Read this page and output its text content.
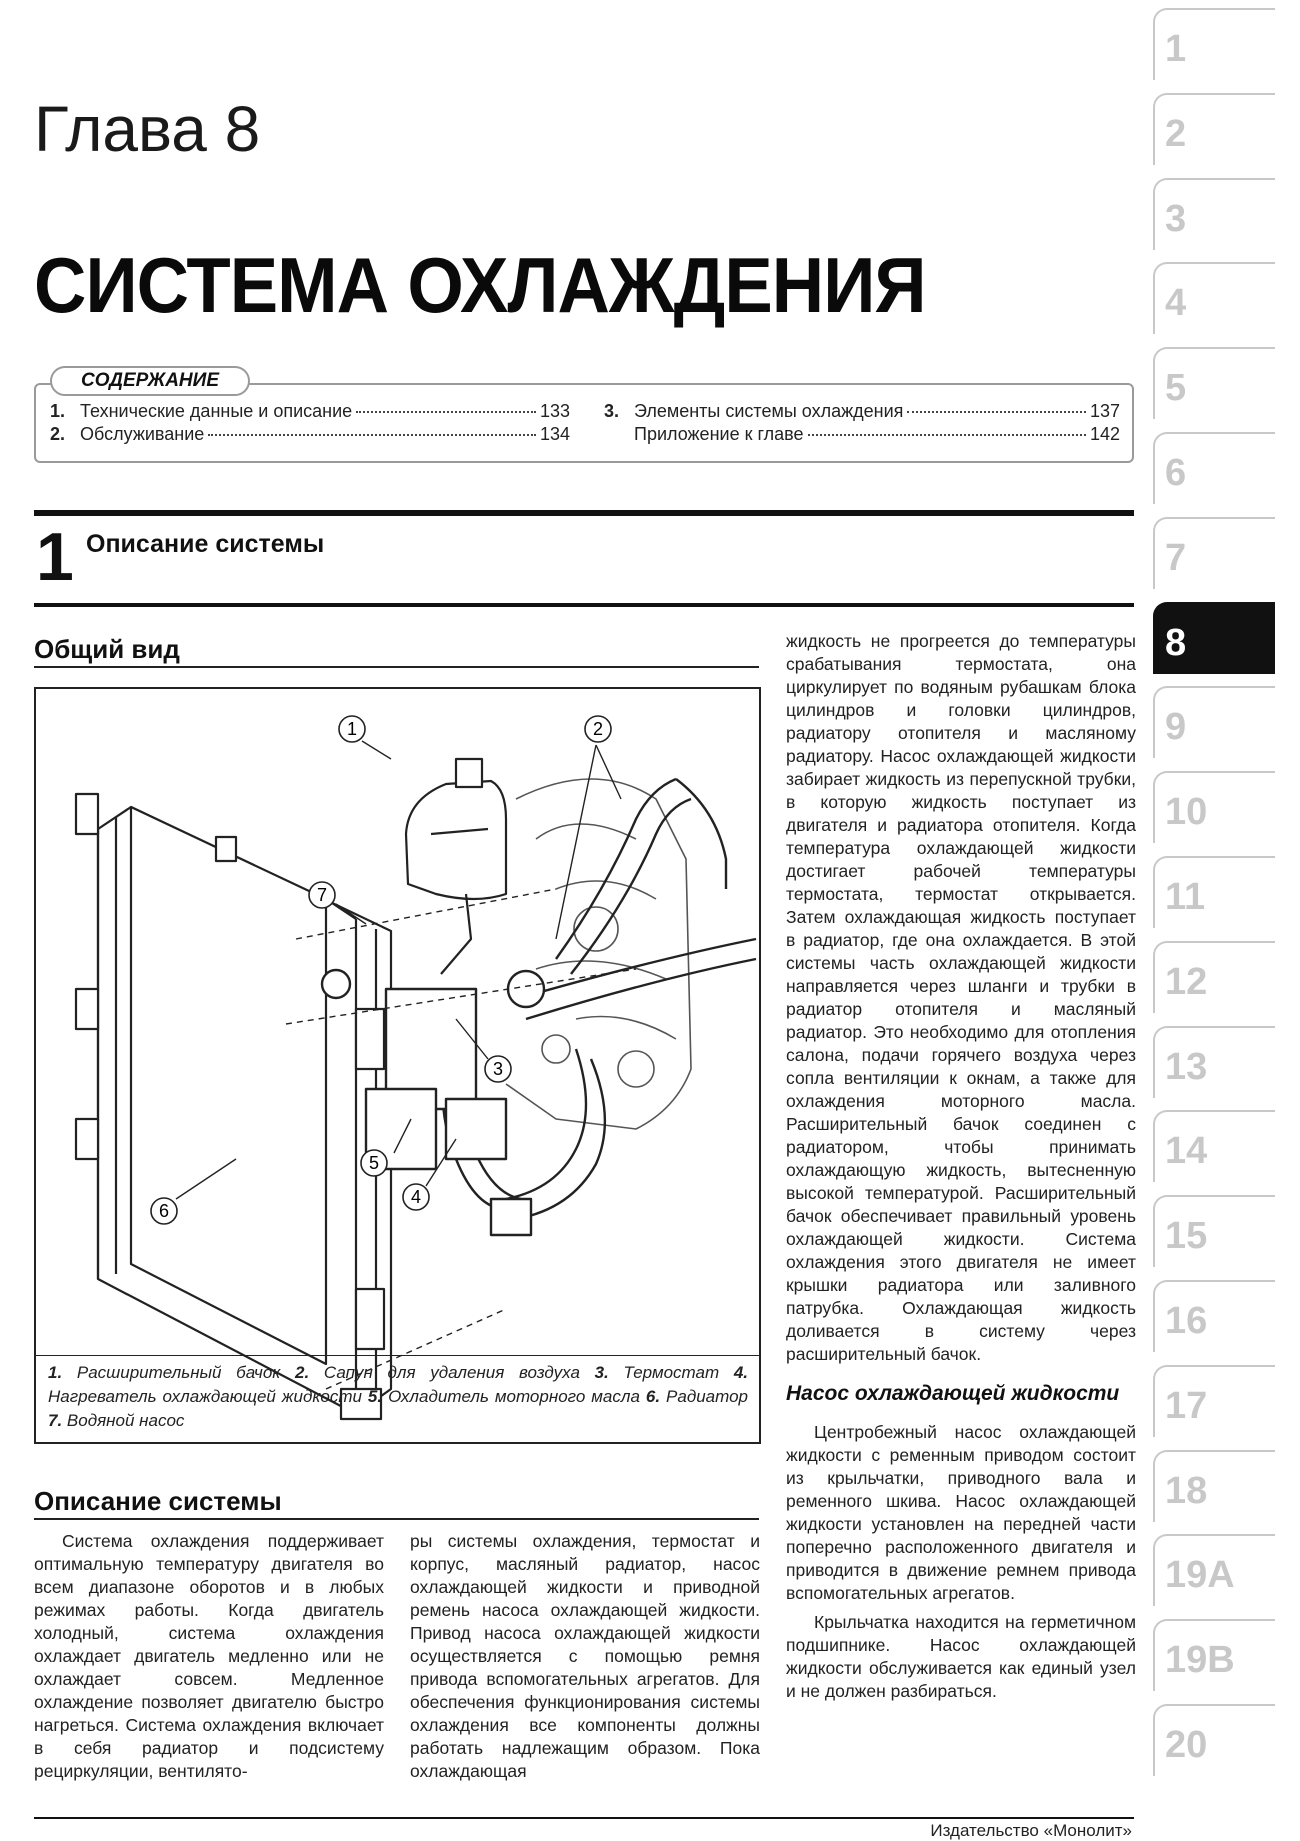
Глава 8
СИСТЕМА ОХЛАЖДЕНИЯ
СОДЕРЖАНИЕ
1. Технические данные и описание	133
2. Обслуживание	134
3. Элементы системы охлаждения	137
Приложение к главе	142
1 Описание системы
Общий вид
1	2
3
4
5
6
7
1. Расширительный бачок 2. Сапун для удаления воздуха 3. Термостат 4. Нагреватель охлаждающей жидкости 5. Охладитель моторного масла 6. Радиатор 7. Водяной насос
Описание системы

Система охлаждения поддерживает оптимальную температуру двигателя во всем диапазоне оборотов и в любых режимах работы. Когда двигатель холодный, система охлаждения охлаждает двигатель медленно или не охлаждает совсем. Медленное охлаждение позволяет двигателю быстро нагреться. Система охлаждения включает в себя радиатор и подсистему рециркуляции, вентилято-

ры системы охлаждения, термостат и корпус, масляный радиатор, насос охлаждающей жидкости и приводной ремень насоса охлаждающей жидкости. Привод насоса охлаждающей жидкости осуществляется с помощью ремня привода вспомогательных агрегатов. Для обеспечения функционирования системы охлаждения все компоненты должны работать надлежащим образом. Пока охлаждающая

жидкость не прогреется до температуры срабатывания термостата, она циркулирует по водяным рубашкам блока цилиндров и головки цилиндров, радиатору отопителя и масляному радиатору. Насос охлаждающей жидкости забирает жидкость из перепускной трубки, в которую жидкость поступает из двигателя и радиатора отопителя. Когда температура охлаждающей жидкости достигает рабочей температуры термостата, термостат открывается. Затем охлаждающая жидкость поступает в радиатор, где она охлаждается. В этой системы часть охлаждающей жидкости направляется через шланги и трубки в радиатор отопителя и масляный радиатор. Это необходимо для отопления салона, подачи горячего воздуха через сопла вентиляции к окнам, а также для охлаждения моторного масла. Расширительный бачок соединен с радиатором, чтобы принимать охлаждающую жидкость, вытесненную высокой температурой. Расширительный бачок обеспечивает правильный уровень охлаждающей жидкости. Система охлаждения этого двигателя не имеет крышки радиатора или заливного патрубка. Охлаждающая жидкость доливается в систему через расширительный бачок.

Насос охлаждающей жидкости

Центробежный насос охлаждающей жидкости с ременным приводом состоит из крыльчатки, приводного вала и ременного шкива. Насос охлаждающей жидкости установлен на передней части поперечно расположенного двигателя и приводится в движение ремнем привода вспомогательных агрегатов.

Крыльчатка находится на герметичном подшипнике. Насос охлаждающей жидкости обслуживается как единый узел и не должен разбираться.

Издательство «Монолит»
1
2
3
4
5
6
7
8
9
10
11
12
13
14
15
16
17
18
19A
19B
20
